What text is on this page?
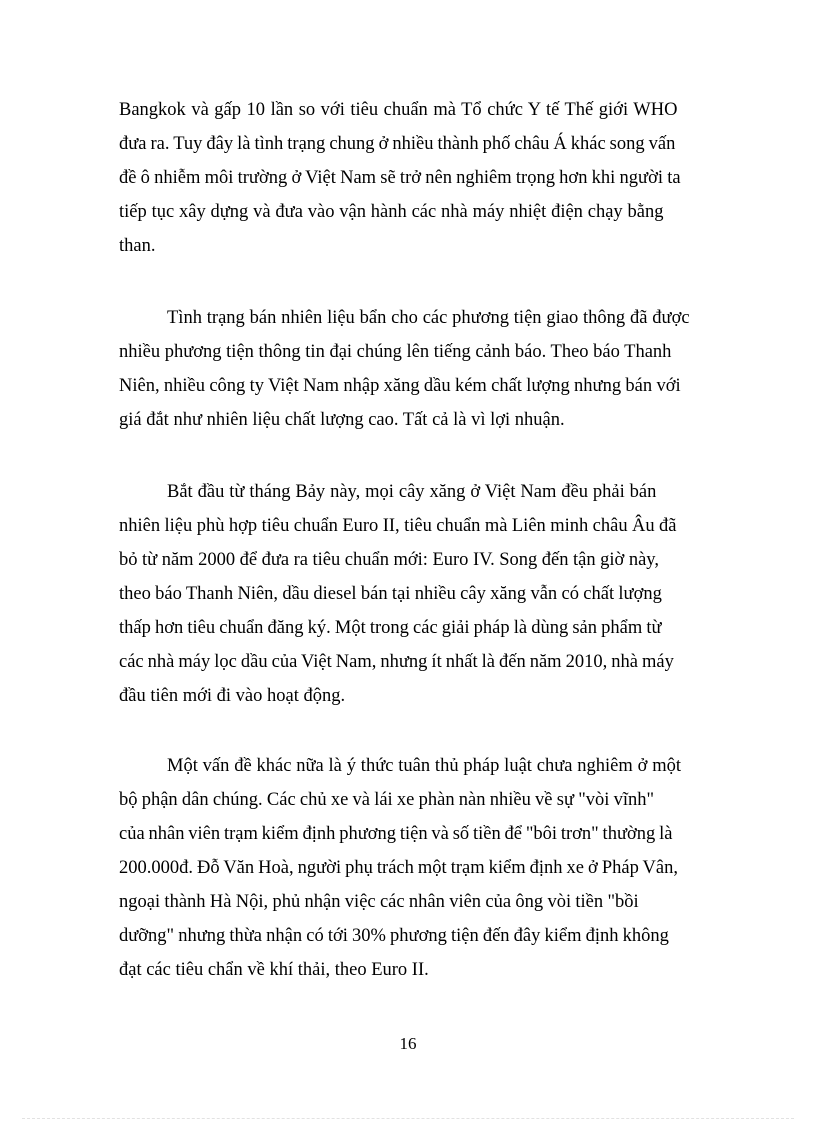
Bangkok và gấp 10 lần so với tiêu chuẩn mà Tổ chức Y tế Thế giới WHO
đưa ra. Tuy đây là tình trạng chung ở nhiều thành phố châu Á khác song vấn
đề ô nhiễm môi trường ở Việt Nam sẽ trở nên nghiêm trọng hơn khi người ta
tiếp tục xây dựng và đưa vào vận hành các nhà máy nhiệt điện chạy bằng
than.
Tình trạng bán nhiên liệu bẩn cho các phương tiện giao thông đã được
nhiều phương tiện thông tin đại chúng lên tiếng cảnh báo. Theo báo Thanh
Niên, nhiều công ty Việt Nam nhập xăng dầu kém chất lượng nhưng bán với
giá đắt như nhiên liệu chất lượng cao. Tất cả là vì lợi nhuận.
Bắt đầu từ tháng Bảy này, mọi cây xăng ở Việt Nam đều phải bán
nhiên liệu phù hợp tiêu chuẩn Euro II, tiêu chuẩn mà Liên minh châu Âu đã
bỏ từ năm 2000 để đưa ra tiêu chuẩn mới: Euro IV. Song đến tận giờ này,
theo báo Thanh Niên, dầu diesel bán tại nhiều cây xăng vẫn có chất lượng
thấp hơn tiêu chuẩn đăng ký. Một trong các giải pháp là dùng sản phẩm từ
các nhà máy lọc dầu của Việt Nam, nhưng ít nhất là đến năm 2010, nhà máy
đầu tiên mới đi vào hoạt động.
Một vấn đề khác nữa là ý thức tuân thủ pháp luật chưa nghiêm ở một
bộ phận dân chúng. Các chủ xe và lái xe phàn nàn nhiều về sự "vòi vĩnh"
của nhân viên trạm kiểm định phương tiện và số tiền để "bôi trơn" thường là
200.000đ. Đỗ Văn Hoà, người phụ trách một trạm kiểm định xe ở Pháp Vân,
ngoại thành Hà Nội, phủ nhận việc các nhân viên của ông vòi tiền "bồi
dưỡng" nhưng thừa nhận có tới 30% phương tiện đến đây kiểm định không
đạt các tiêu chẩn về khí thải, theo Euro II.
16
